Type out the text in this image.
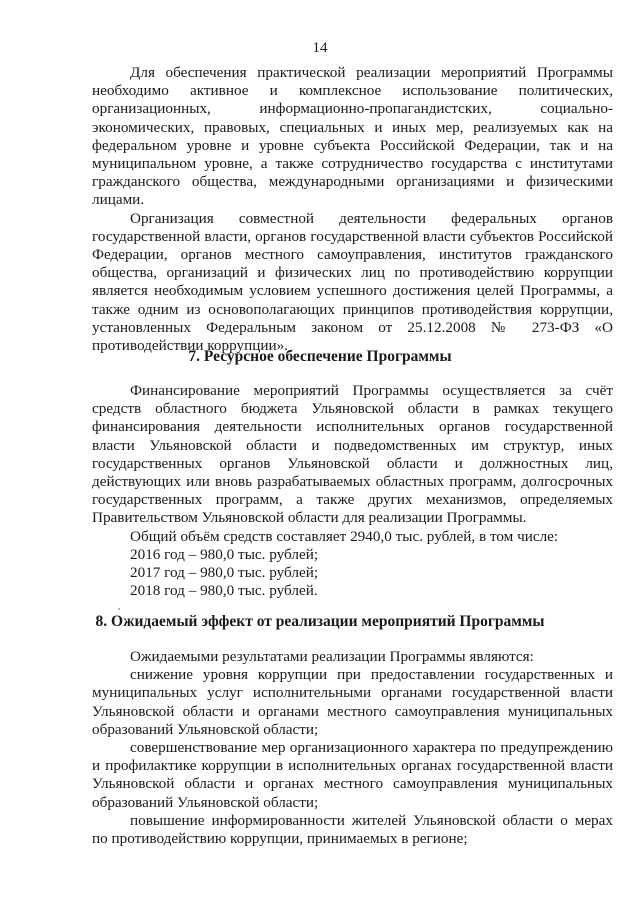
14

Для обеспечения практической реализации мероприятий Программы необходимо активное и комплексное использование политических, организационных, информационно-пропагандистских, социально-экономических, правовых, специальных и иных мер, реализуемых как на федеральном уровне и уровне субъекта Российской Федерации, так и на муниципальном уровне, а также сотрудничество государства с институтами гражданского общества, международными организациями и физическими лицами.

Организация совместной деятельности федеральных органов государственной власти, органов государственной власти субъектов Российской Федерации, органов местного самоуправления, институтов гражданского общества, организаций и физических лиц по противодействию коррупции является необходимым условием успешного достижения целей Программы, а также одним из основополагающих принципов противодействия коррупции, установленных Федеральным законом от 25.12.2008 № 273-ФЗ «О противодействии коррупции».

7. Ресурсное обеспечение Программы

Финансирование мероприятий Программы осуществляется за счёт средств областного бюджета Ульяновской области в рамках текущего финансирования деятельности исполнительных органов государственной власти Ульяновской области и подведомственных им структур, иных государственных органов Ульяновской области и должностных лиц, действующих или вновь разрабатываемых областных программ, долгосрочных государственных программ, а также других механизмов, определяемых Правительством Ульяновской области для реализации Программы.

Общий объём средств составляет 2940,0 тыс. рублей, в том числе:

2016 год – 980,0 тыс. рублей;

2017 год – 980,0 тыс. рублей;

2018 год – 980,0 тыс. рублей.

8. Ожидаемый эффект от реализации мероприятий Программы

Ожидаемыми результатами реализации Программы являются:

снижение уровня коррупции при предоставлении государственных и муниципальных услуг исполнительными органами государственной власти Ульяновской области и органами местного самоуправления муниципальных образований Ульяновской области;

совершенствование мер организационного характера по предупреждению и профилактике коррупции в исполнительных органах государственной власти Ульяновской области и органах местного самоуправления муниципальных образований Ульяновской области;

повышение информированности жителей Ульяновской области о мерах по противодействию коррупции, принимаемых в регионе;
